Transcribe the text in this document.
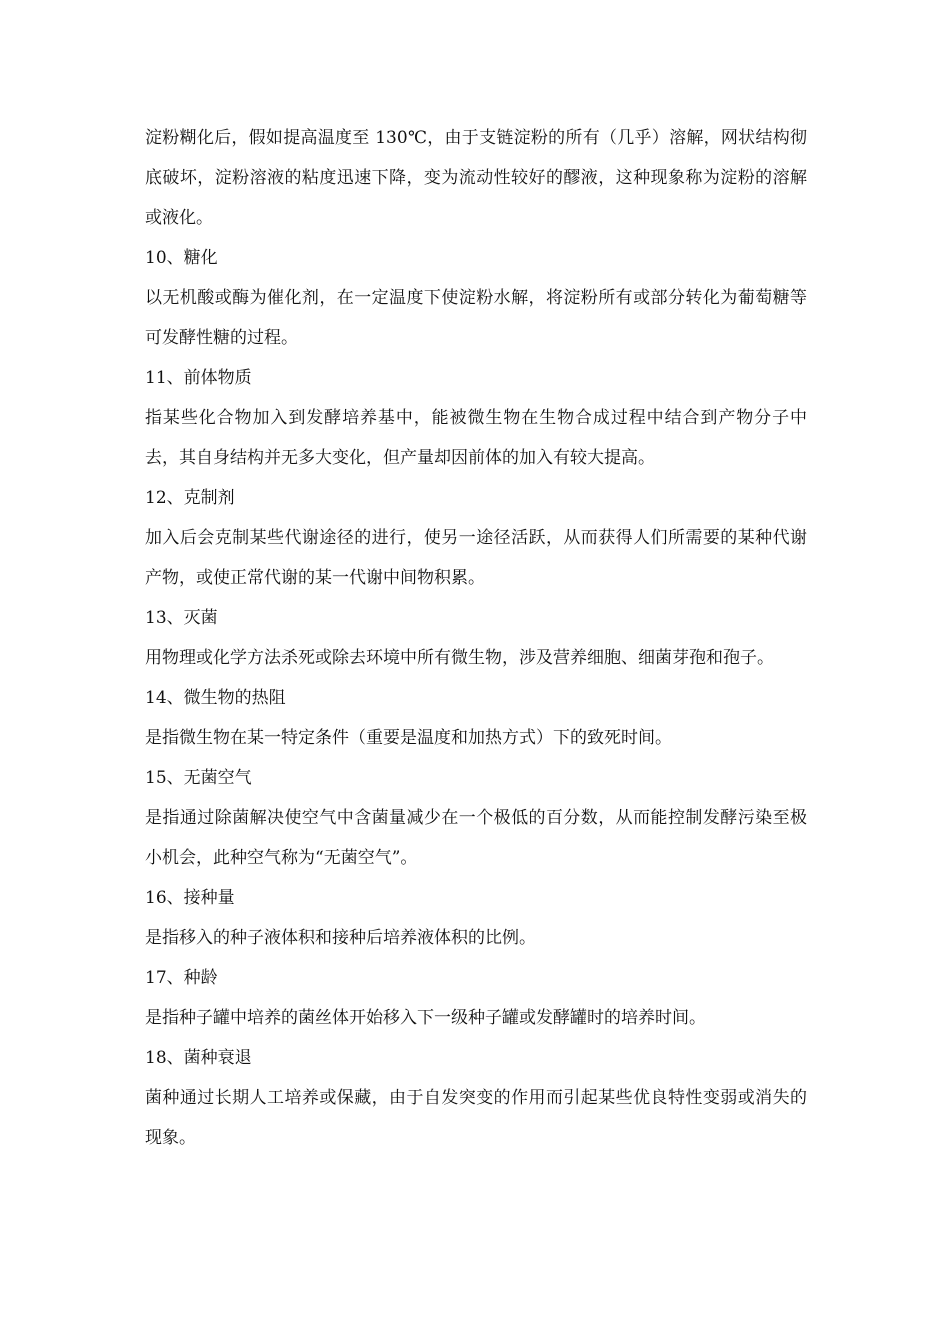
淀粉糊化后，假如提高温度至 130℃，由于支链淀粉的所有（几乎）溶解，网状结构彻底破坏，淀粉溶液的粘度迅速下降，变为流动性较好的醪液，这种现象称为淀粉的溶解或液化。

10、糖化

以无机酸或酶为催化剂，在一定温度下使淀粉水解，将淀粉所有或部分转化为葡萄糖等可发酵性糖的过程。

11、前体物质

指某些化合物加入到发酵培养基中，能被微生物在生物合成过程中结合到产物分子中去，其自身结构并无多大变化，但产量却因前体的加入有较大提高。

12、克制剂

加入后会克制某些代谢途径的进行，使另一途径活跃，从而获得人们所需要的某种代谢产物，或使正常代谢的某一代谢中间物积累。

13、灭菌

用物理或化学方法杀死或除去环境中所有微生物，涉及营养细胞、细菌芽孢和孢子。

14、微生物的热阻

是指微生物在某一特定条件（重要是温度和加热方式）下的致死时间。

15、无菌空气

是指通过除菌解决使空气中含菌量减少在一个极低的百分数，从而能控制发酵污染至极小机会，此种空气称为“无菌空气”。

16、接种量

是指移入的种子液体积和接种后培养液体积的比例。

17、种龄

是指种子罐中培养的菌丝体开始移入下一级种子罐或发酵罐时的培养时间。

18、菌种衰退

菌种通过长期人工培养或保藏，由于自发突变的作用而引起某些优良特性变弱或消失的现象。
